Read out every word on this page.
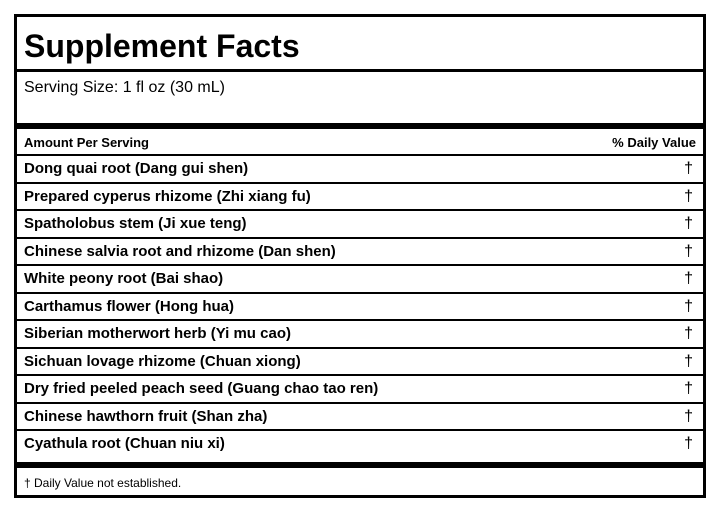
Supplement Facts
Serving Size: 1 fl oz (30 mL)
Amount Per Serving	% Daily Value
Dong quai root (Dang gui shen)	†
Prepared cyperus rhizome (Zhi xiang fu)	†
Spatholobus stem (Ji xue teng)	†
Chinese salvia root and rhizome (Dan shen)	†
White peony root (Bai shao)	†
Carthamus flower (Hong hua)	†
Siberian motherwort herb (Yi mu cao)	†
Sichuan lovage rhizome (Chuan xiong)	†
Dry fried peeled peach seed (Guang chao tao ren)	†
Chinese hawthorn fruit (Shan zha)	†
Cyathula root (Chuan niu xi)	†
† Daily Value not established.
